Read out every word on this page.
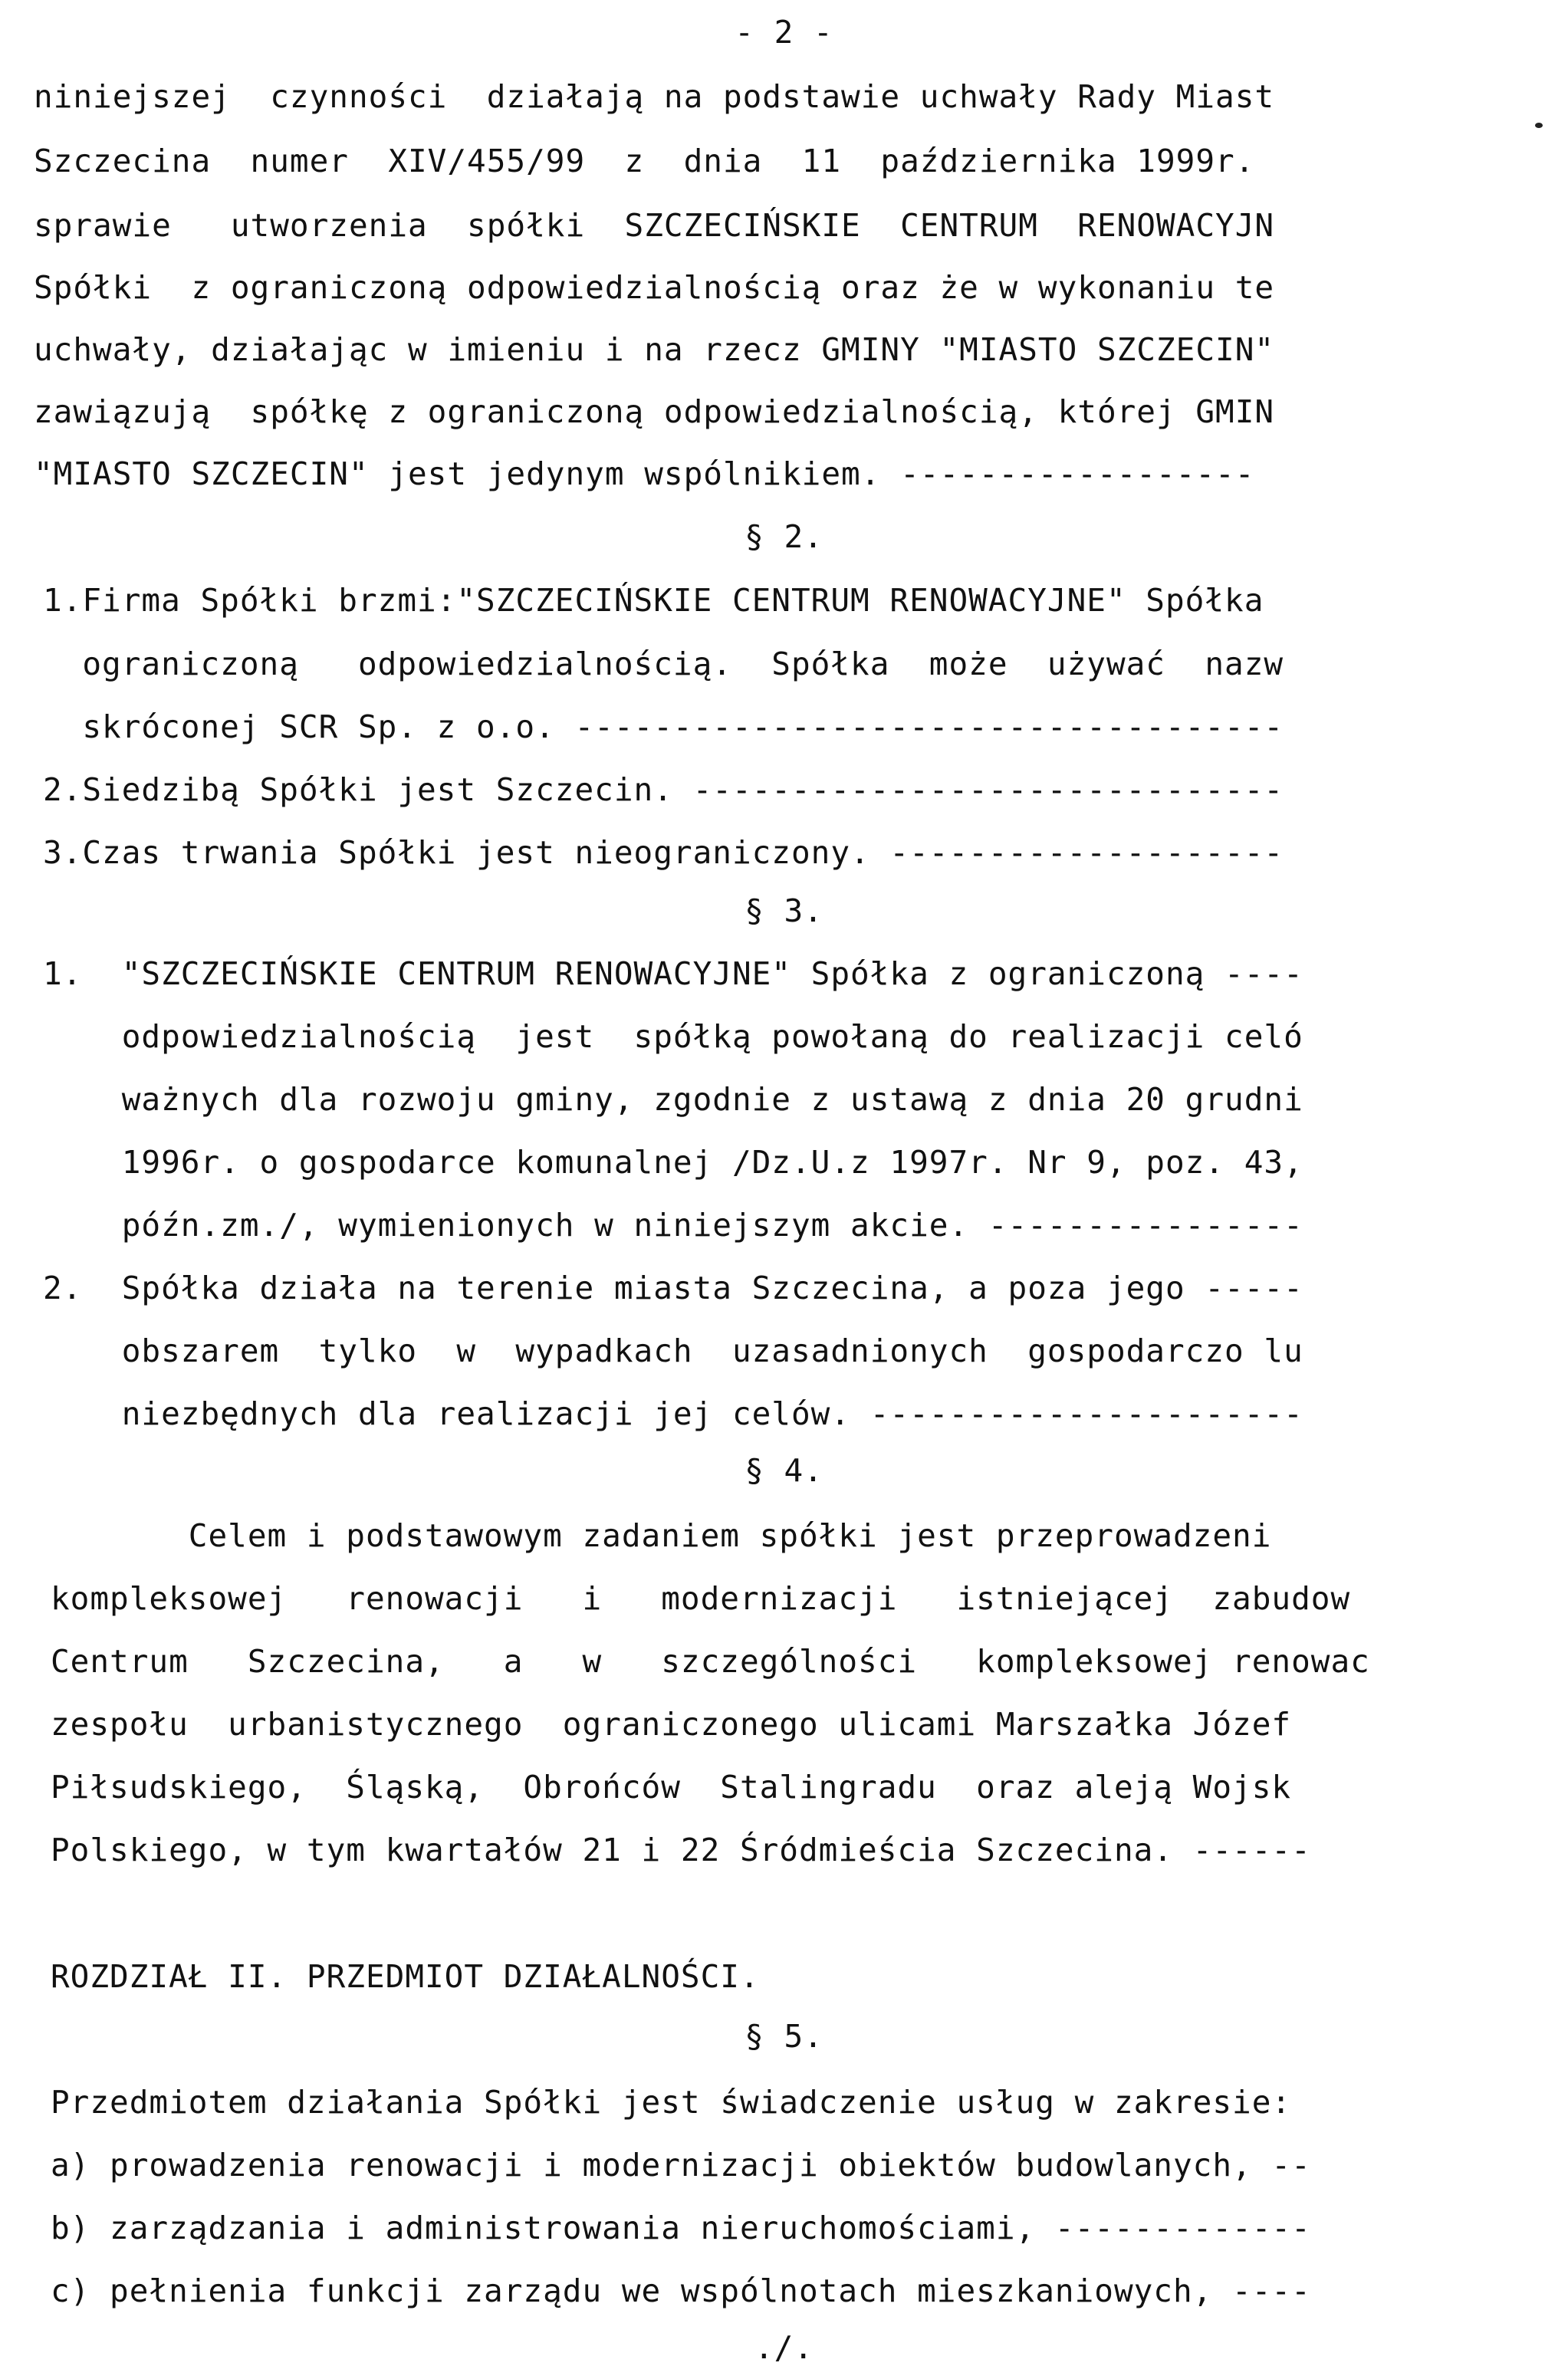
- 2 -
niniejszej  czynności  działają na podstawie uchwały Rady Miast
Szczecina  numer  XIV/455/99  z  dnia  11  października 1999r.
sprawie   utworzenia  spółki  SZCZECIŃSKIE  CENTRUM  RENOWACYJN
Spółki  z ograniczoną odpowiedzialnością oraz że w wykonaniu te
uchwały, działając w imieniu i na rzecz GMINY "MIASTO SZCZECIN"
zawiązują  spółkę z ograniczoną odpowiedzialnością, której GMIN
"MIASTO SZCZECIN" jest jedynym wspólnikiem. ------------------
§ 2.
1.Firma Spółki brzmi:"SZCZECIŃSKIE CENTRUM RENOWACYJNE" Spółka
ograniczoną   odpowiedzialnością.  Spółka  może  używać  nazw
skróconej SCR Sp. z o.o. ------------------------------------
2.Siedzibą Spółki jest Szczecin. ------------------------------
3.Czas trwania Spółki jest nieograniczony. --------------------
§ 3.
1.  "SZCZECIŃSKIE CENTRUM RENOWACYJNE" Spółka z ograniczoną ----
odpowiedzialnością  jest  spółką powołaną do realizacji celó
ważnych dla rozwoju gminy, zgodnie z ustawą z dnia 20 grudni
1996r. o gospodarce komunalnej /Dz.U.z 1997r. Nr 9, poz. 43,
późn.zm./, wymienionych w niniejszym akcie. ----------------
2.  Spółka działa na terenie miasta Szczecina, a poza jego -----
obszarem  tylko  w  wypadkach  uzasadnionych  gospodarczo lu
niezbędnych dla realizacji jej celów. ----------------------
§ 4.
Celem i podstawowym zadaniem spółki jest przeprowadzeni
kompleksowej   renowacji   i   modernizacji   istniejącej  zabudow
Centrum   Szczecina,   a   w   szczególności   kompleksowej renowac
zespołu  urbanistycznego  ograniczonego ulicami Marszałka Józef
Piłsudskiego,  Śląską,  Obrońców  Stalingradu  oraz aleją Wojsk
Polskiego, w tym kwartałów 21 i 22 Śródmieścia Szczecina. ------
ROZDZIAŁ II. PRZEDMIOT DZIAŁALNOŚCI.
§ 5.
Przedmiotem działania Spółki jest świadczenie usług w zakresie:
a) prowadzenia renowacji i modernizacji obiektów budowlanych, --
b) zarządzania i administrowania nieruchomościami, -------------
c) pełnienia funkcji zarządu we wspólnotach mieszkaniowych, ----
./.
